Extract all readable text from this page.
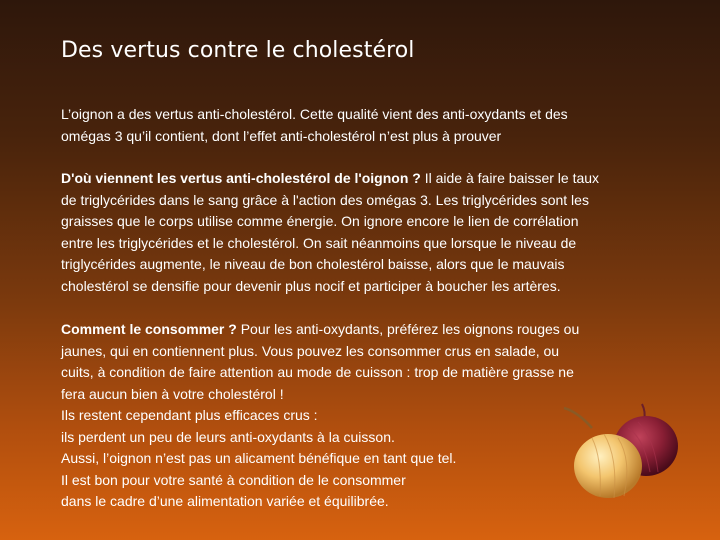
Des vertus contre le cholestérol
L’oignon a des vertus anti-cholestérol. Cette qualité vient des anti-oxydants et des
omégas 3 qu’il contient, dont l’effet anti-cholestérol n’est plus à prouver
D'où viennent les vertus anti-cholestérol de l'oignon ? Il aide à faire baisser le taux
de triglycérides dans le sang grâce à l'action des omégas 3. Les triglycérides sont les
graisses que le corps utilise comme énergie. On ignore encore le lien de corrélation
entre les triglycérides et le cholestérol. On sait néanmoins que lorsque le niveau de
triglycérides augmente, le niveau de bon cholestérol baisse, alors que le mauvais
cholestérol se densifie pour devenir plus nocif et participer à boucher les artères.
Comment le consommer ? Pour les anti-oxydants, préférez les oignons rouges ou
jaunes, qui en contiennent plus. Vous pouvez les consommer crus en salade, ou
cuits, à condition de faire attention au mode de cuisson : trop de matière grasse ne
fera aucun bien à votre cholestérol !
Ils restent cependant plus efficaces crus :
ils perdent un peu de leurs anti-oxydants à la cuisson.
Aussi, l’oignon n’est pas un alicament bénéfique en tant que tel.
Il est bon pour votre santé à condition de le consommer
dans le cadre d’une alimentation variée et équilibrée.
